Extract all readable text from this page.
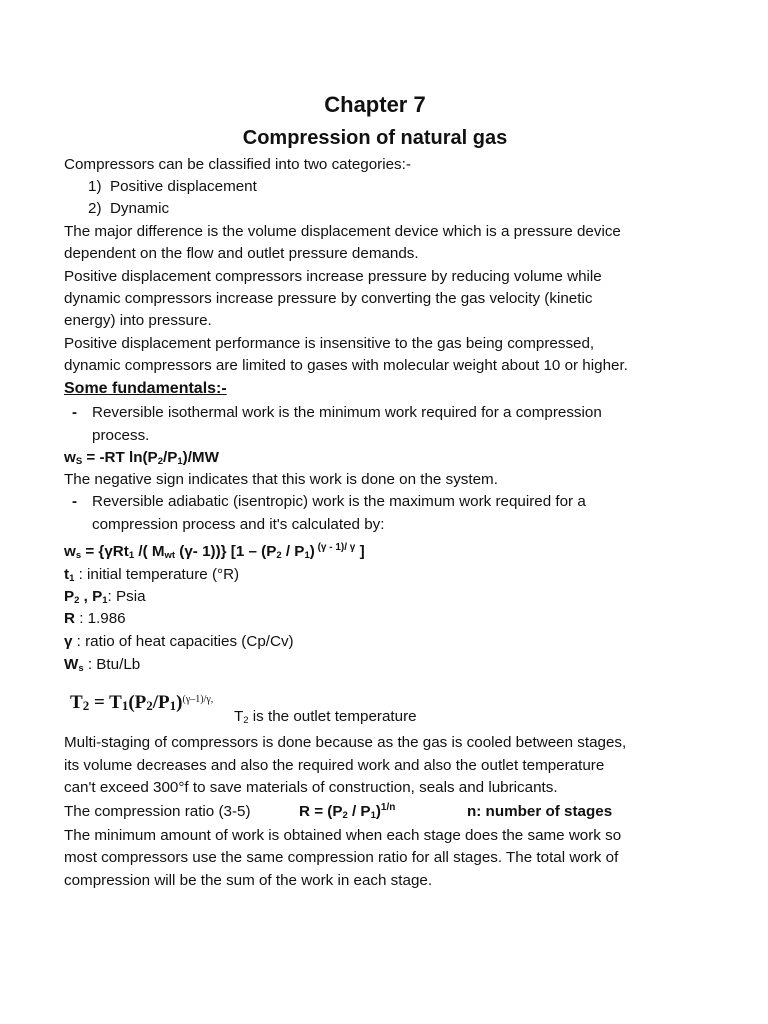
Chapter 7
Compression of natural gas
Compressors can be classified into two categories:-
1) Positive displacement
2) Dynamic
The major difference is the volume displacement device which is a pressure device
dependent on the flow and outlet pressure demands.
Positive displacement compressors increase pressure by reducing volume while
dynamic compressors increase pressure by converting the gas velocity (kinetic
energy) into pressure.
Positive displacement performance is insensitive to the gas being compressed,
dynamic compressors are limited to gases with molecular weight about 10 or higher.
Some fundamentals:-
- Reversible isothermal work is the minimum work required for a compression
process.
$w_S = -RT$ $\ln(P_2/P_1)/MW$
The negative sign indicates that this work is done on the system.
- Reversible adiabatic (isentropic) work is the maximum work required for a
compression process and it's calculated by:
$w_s = \{\gamma Rt_1$ /( $M_{wt}$ (γ- 1))} [$1 - (P_2 / P_1)$ $^{(\gamma - 1)/ \gamma}$ ]
$t_1$ : initial temperature (°R)
$P_2$ , $P_1$: Psia
R : 1.986
γ : ratio of heat capacities (Cp/Cv)
$W_s$ : Btu/Lb
$T_2 = T_1(P_2/P_1)^{(\gamma-1)/\gamma,}$
$T_2$ is the outlet temperature
Multi-staging of compressors is done because as the gas is cooled between stages,
its volume decreases and also the required work and also the outlet temperature
can't exceed 300°f to save materials of construction, seals and lubricants.
The compression ratio (3-5)	$R = (P_2 / P_1)^{1/n}$	n: number of stages
The minimum amount of work is obtained when each stage does the same work so
most compressors use the same compression ratio for all stages. The total work of
compression will be the sum of the work in each stage.
